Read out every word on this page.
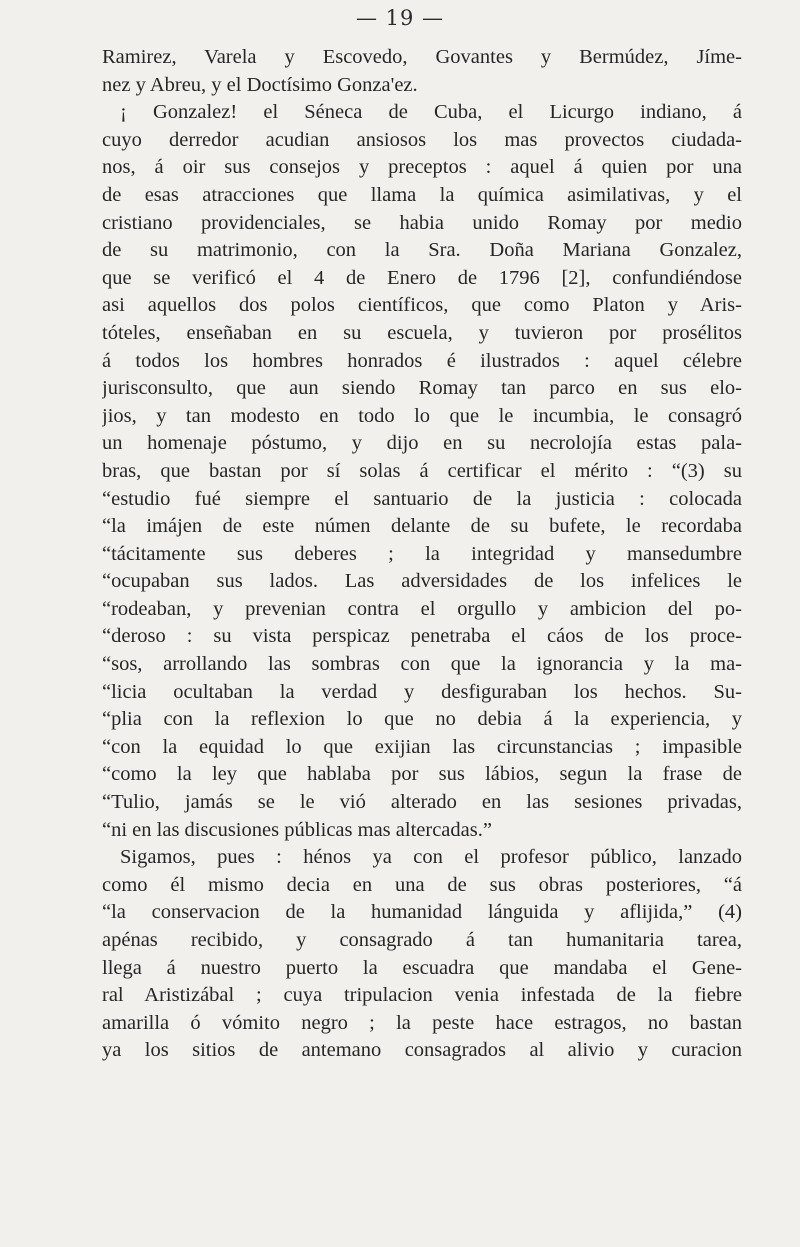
— 19 —
Ramirez, Varela y Escovedo, Govantes y Bermúdez, Jíme-
nez y Abreu, y el Doctísimo Gonza'ez.
¡ Gonzalez! el Séneca de Cuba, el Licurgo indiano, á
cuyo derredor acudian ansiosos los mas provectos ciudada-
nos, á oir sus consejos y preceptos : aquel á quien por una
de esas atracciones que llama la química asimilativas, y el
cristiano providenciales, se habia unido Romay por medio
de su matrimonio, con la Sra. Doña Mariana Gonzalez,
que se verificó el 4 de Enero de 1796 [2], confundiéndose
asi aquellos dos polos científicos, que como Platon y Aris-
tóteles, enseñaban en su escuela, y tuvieron por prosélitos
á todos los hombres honrados é ilustrados : aquel célebre
jurisconsulto, que aun siendo Romay tan parco en sus elo-
jios, y tan modesto en todo lo que le incumbia, le consagró
un homenaje póstumo, y dijo en su necrolojía estas pala-
bras, que bastan por sí solas á certificar el mérito : “(3) su
“estudio fué siempre el santuario de la justicia : colocada
“la imájen de este númen delante de su bufete, le recordaba
“tácitamente sus deberes ; la integridad y mansedumbre
“ocupaban sus lados. Las adversidades de los infelices le
“rodeaban, y prevenian contra el orgullo y ambicion del po-
“deroso : su vista perspicaz penetraba el cáos de los proce-
“sos, arrollando las sombras con que la ignorancia y la ma-
“licia ocultaban la verdad y desfiguraban los hechos. Su-
“plia con la reflexion lo que no debia á la experiencia, y
“con la equidad lo que exijian las circunstancias ; impasible
“como la ley que hablaba por sus lábios, segun la frase de
“Tulio, jamás se le vió alterado en las sesiones privadas,
“ni en las discusiones públicas mas altercadas.”
Sigamos, pues : hénos ya con el profesor público, lanzado
como él mismo decia en una de sus obras posteriores, “á
“la conservacion de la humanidad lánguida y aflijida,” (4)
apénas recibido, y consagrado á tan humanitaria tarea,
llega á nuestro puerto la escuadra que mandaba el Gene-
ral Aristizábal ; cuya tripulacion venia infestada de la fiebre
amarilla ó vómito negro ; la peste hace estragos, no bastan
ya los sitios de antemano consagrados al alivio y curacion
